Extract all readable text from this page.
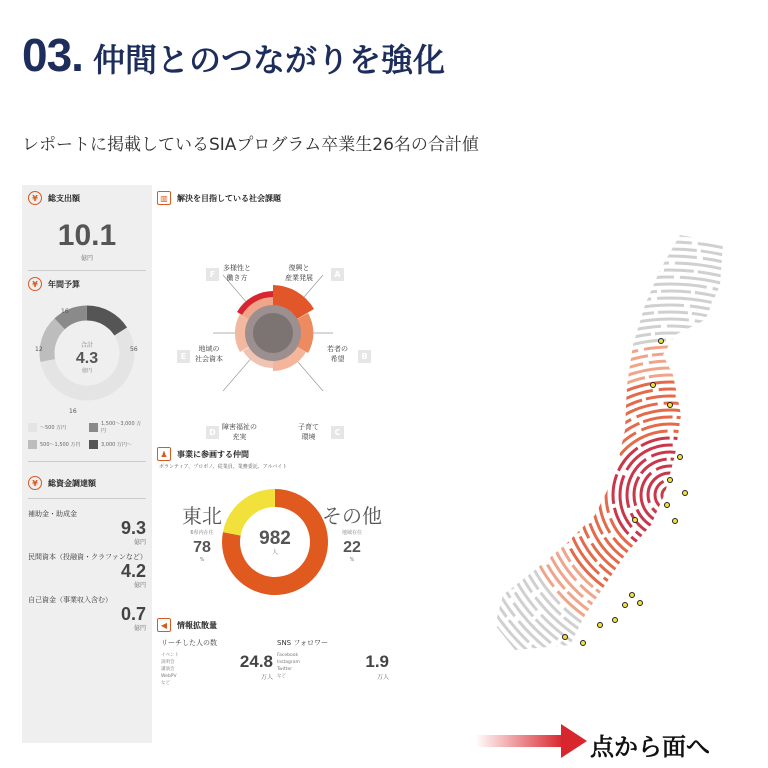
03. 仲間とのつながりを強化
レポートに掲載しているSIAプログラム卒業生26名の合計値
¥	総支出額
10.1
億円
¥	年間予算
合計
4.3
億円
16
56
16
12
〜500 万円
1,500〜3,000 万円
500〜1,500 万円	3,000 万円〜
¥	総資金調達額
補助金・助成金
9.3
億円
民間資本（投融資・クラファンなど）
4.2
億円
自己資金（事業収入含む）
0.7
億円
▥	解決を目指している社会課題
A
復興と
産業発展
B
若者の
希望
C
子育て
環境
D
障害福祉の
充実
E
地域の
社会資本
F
多様性と
働き方
♟	事業に参画する仲間
ボランティア、プロボノ、従業員、業務委託、アルバイト
982
人
東北
6県内在住
78
%
その他
地域在住
22
%
◀	情報拡散量
リーチした人の数
イベント
説明会
講演会
WebPV
など
24.8
万人
SNS フォロワー
Facebook
Instagram
Twitter
など
1.9
万人
点から面へ
